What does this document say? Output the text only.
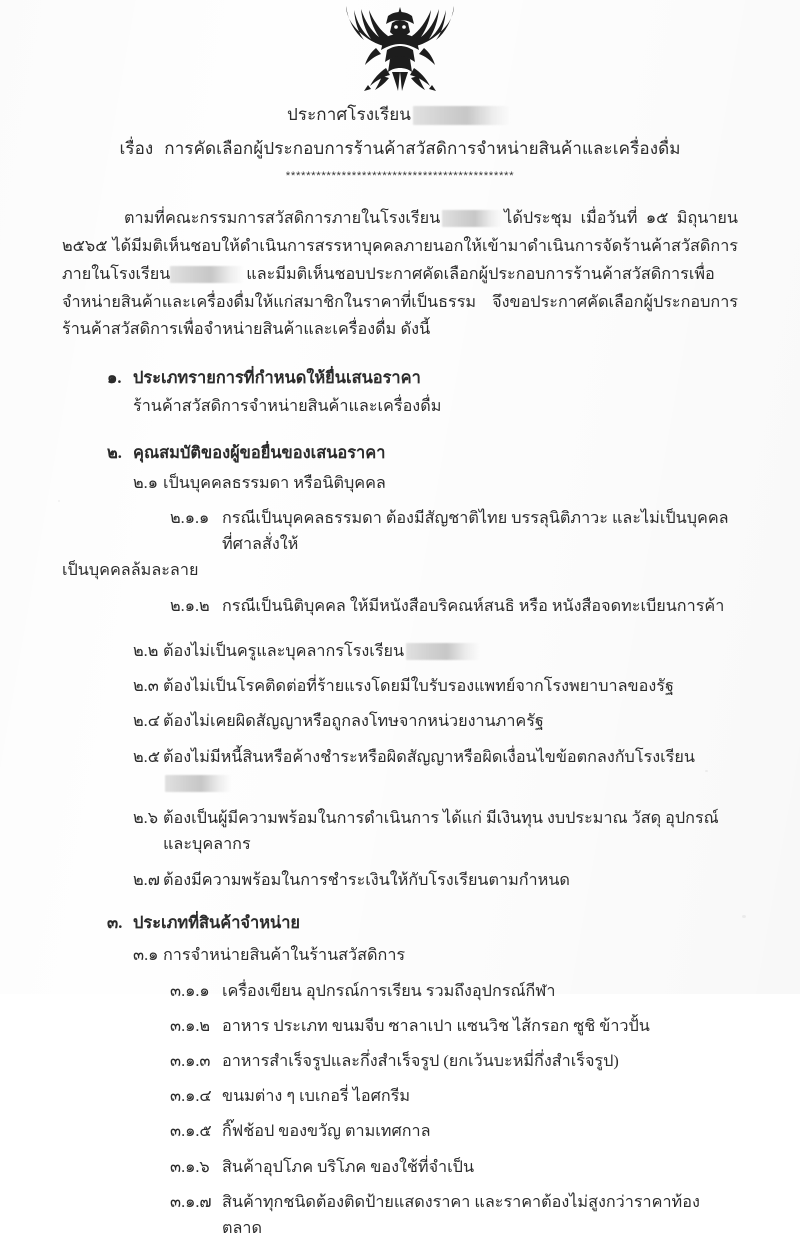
ประกาศโรงเรียน
เรื่อง การคัดเลือกผู้ประกอบการร้านค้าสวัสดิการจำหน่ายสินค้าและเครื่องดื่ม
*********************************************
ตามที่คณะกรรมการสวัสดิการภายในโรงเรียน	ได้ประชุม เมื่อวันที่ ๑๕ มิถุนายน ๒๕๖๕ ได้มีมติเห็นชอบให้ดำเนินการสรรหาบุคคลภายนอกให้เข้ามาดำเนินการจัดร้านค้าสวัสดิการภายในโรงเรียน	และมีมติเห็นชอบประกาศคัดเลือกผู้ประกอบการร้านค้าสวัสดิการเพื่อจำหน่ายสินค้าและเครื่องดื่มให้แก่สมาชิกในราคาที่เป็นธรรม จึงขอประกาศคัดเลือกผู้ประกอบการร้านค้าสวัสดิการเพื่อจำหน่ายสินค้าและเครื่องดื่ม ดังนี้
๑. ประเภทรายการที่กำหนดให้ยื่นเสนอราคา
ร้านค้าสวัสดิการจำหน่ายสินค้าและเครื่องดื่ม
๒. คุณสมบัติของผู้ขอยื่นของเสนอราคา
๒.๑ เป็นบุคคลธรรมดา หรือนิติบุคคล
๒.๑.๑ กรณีเป็นบุคคลธรรมดา ต้องมีสัญชาติไทย บรรลุนิติภาวะ และไม่เป็นบุคคลที่ศาลสั่งให้
เป็นบุคคลล้มละลาย
๒.๑.๒ กรณีเป็นนิติบุคคล ให้มีหนังสือบริคณห์สนธิ หรือ หนังสือจดทะเบียนการค้า
๒.๒ ต้องไม่เป็นครูและบุคลากรโรงเรียน
๒.๓ ต้องไม่เป็นโรคติดต่อที่ร้ายแรงโดยมีใบรับรองแพทย์จากโรงพยาบาลของรัฐ
๒.๔ ต้องไม่เคยผิดสัญญาหรือถูกลงโทษจากหน่วยงานภาครัฐ
๒.๕ ต้องไม่มีหนี้สินหรือค้างชำระหรือผิดสัญญาหรือผิดเงื่อนไขข้อตกลงกับโรงเรียน
๒.๖ ต้องเป็นผู้มีความพร้อมในการดำเนินการ ได้แก่ มีเงินทุน งบประมาณ วัสดุ อุปกรณ์และบุคลากร
๒.๗ ต้องมีความพร้อมในการชำระเงินให้กับโรงเรียนตามกำหนด
๓. ประเภทที่สินค้าจำหน่าย
๓.๑ การจำหน่ายสินค้าในร้านสวัสดิการ
๓.๑.๑ เครื่องเขียน อุปกรณ์การเรียน รวมถึงอุปกรณ์กีฬา
๓.๑.๒ อาหาร ประเภท ขนมจีบ ซาลาเปา แซนวิช ไส้กรอก ซูชิ ข้าวปั้น
๓.๑.๓ อาหารสำเร็จรูปและกึ่งสำเร็จรูป (ยกเว้นบะหมี่กึ่งสำเร็จรูป)
๓.๑.๔ ขนมต่าง ๆ เบเกอรี่ ไอศกรีม
๓.๑.๕ กิ๊ฟช้อป ของขวัญ ตามเทศกาล
๓.๑.๖ สินค้าอุปโภค บริโภค ของใช้ที่จำเป็น
๓.๑.๗ สินค้าทุกชนิดต้องติดป้ายแสดงราคา และราคาต้องไม่สูงกว่าราคาท้องตลาด
